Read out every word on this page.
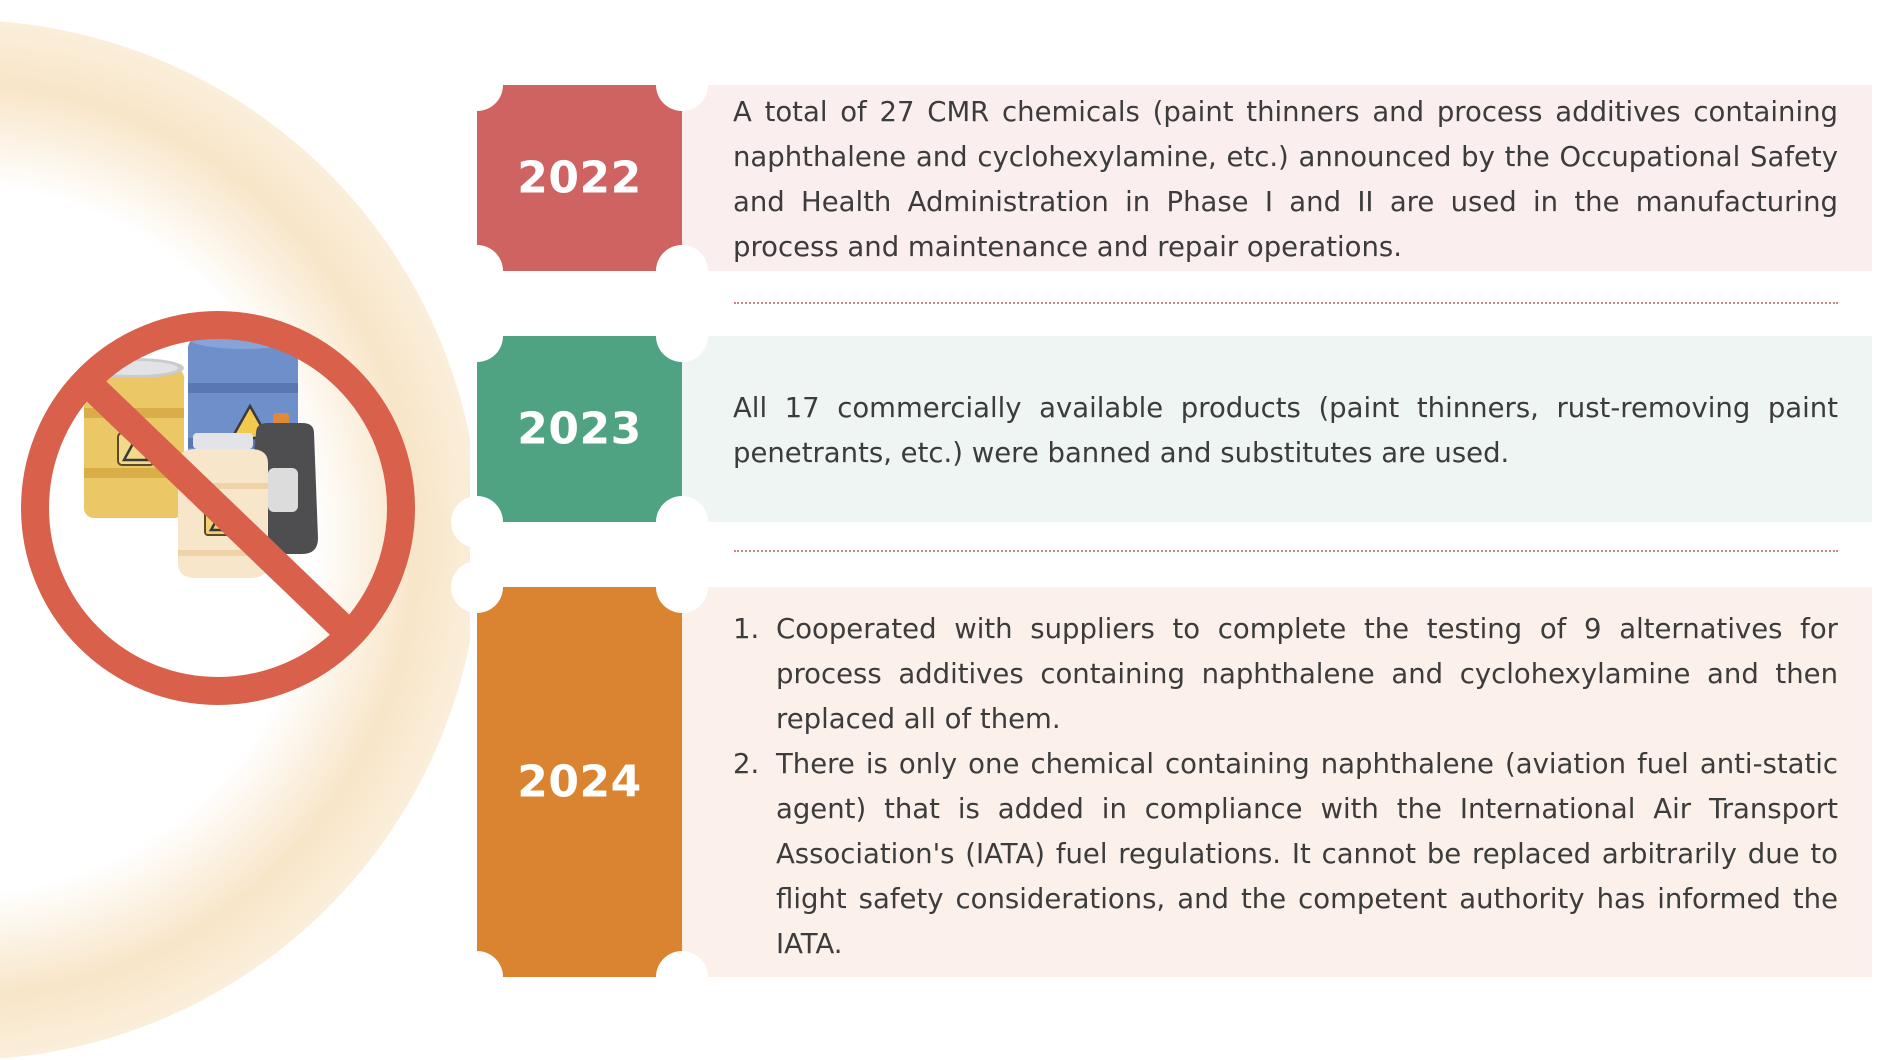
2022

A total of 27 CMR chemicals (paint thinners and process additives containing naphthalene and cyclohexylamine, etc.) announced by the Occupational Safety and Health Administration in Phase I and II are used in the manufacturing process and maintenance and repair operations.

2023	All 17 commercially available products (paint thinners, rust-removing paint penetrants, etc.) were banned and substitutes are used.

2024
1. Cooperated with suppliers to complete the testing of 9 alternatives for process additives containing naphthalene and cyclohexylamine and then replaced all of them.
2. There is only one chemical containing naphthalene (aviation fuel anti-static agent) that is added in compliance with the International Air Transport Association's (IATA) fuel regulations. It cannot be replaced arbitrarily due to flight safety considerations, and the competent authority has informed the IATA.
